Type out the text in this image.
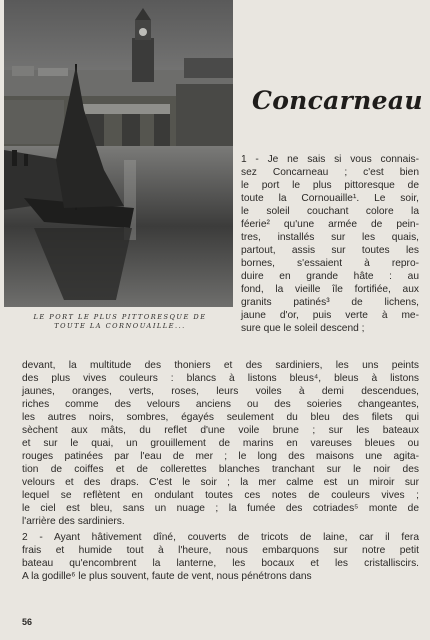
LE PORT LE PLUS PITTORESQUE DE
TOUTE LA CORNOUAILLE...
Concarneau
1 - Je ne sais si vous connais-
sez Concarneau ; c'est bien
le port le plus pittoresque de
toute la Cornouaille¹. Le soir,
le soleil couchant colore la
féerie² qu'une armée de pein-
tres, installés sur les quais,
partout, assis sur toutes les
bornes, s'essaient à repro-
duire en grande hâte : au
fond, la vieille île fortifiée, aux
granits patinés³ de lichens,
jaune d'or, puis verte à me-
sure que le soleil descend ;
devant, la multitude des thoniers et des sardiniers, les uns peints
des plus vives couleurs : blancs à listons bleus⁴, bleus à listons
jaunes, oranges, verts, roses, leurs voiles à demi descendues,
riches comme des velours anciens ou des soieries changeantes,
les autres noirs, sombres, égayés seulement du bleu des filets qui
sèchent aux mâts, du reflet d'une voile brune ; sur les bateaux
et sur le quai, un grouillement de marins en vareuses bleues ou
rouges patinées par l'eau de mer ; le long des maisons une agita-
tion de coiffes et de collerettes blanches tranchant sur le noir des
velours et des draps. C'est le soir ; la mer calme est un miroir sur
lequel se reflètent en ondulant toutes ces notes de couleurs vives ;
le ciel est bleu, sans un nuage ; la fumée des cotriades⁵ monte de
l'arrière des sardiniers.
2 - Ayant hâtivement dîné, couverts de tricots de laine, car il fera
frais et humide tout à l'heure, nous embarquons sur notre petit
bateau qu'encombrent la lanterne, les bocaux et les cristalliscirs.
A la godille⁶ le plus souvent, faute de vent, nous pénétrons dans
56
